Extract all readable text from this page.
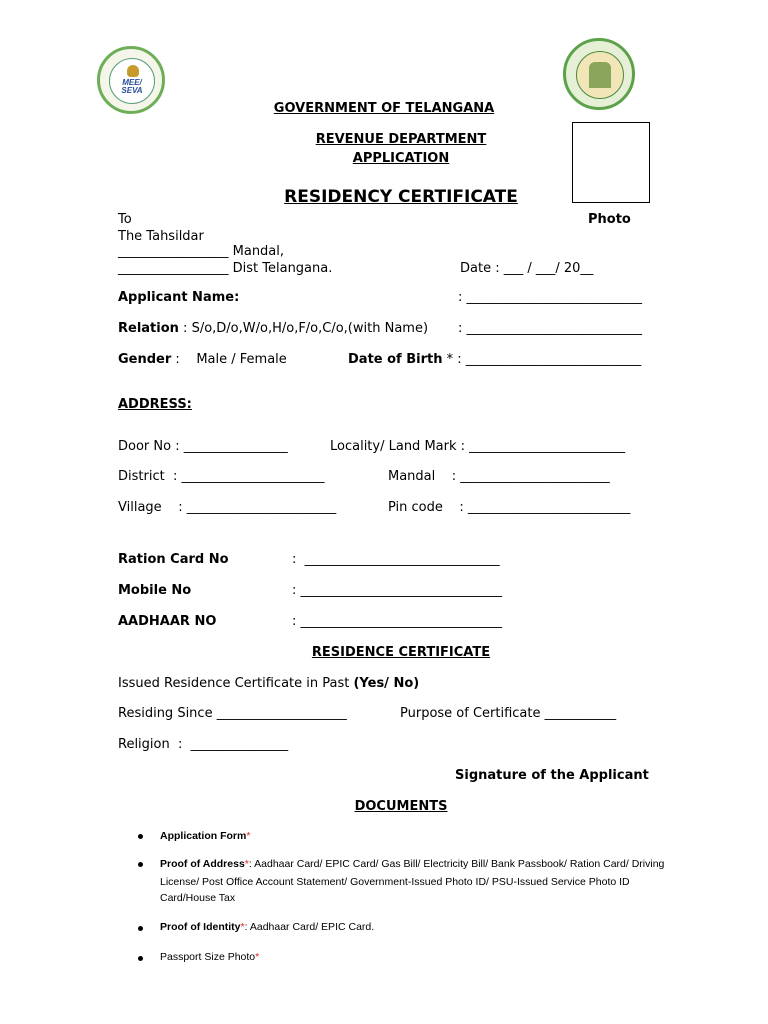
MEE/
SEVA
GOVERNMENT OF TELANGANA
REVENUE DEPARTMENT
APPLICATION
RESIDENCY CERTIFICATE
Photo
To
The Tahsildar
_________________ Mandal,
_________________ Dist Telangana.	Date : ___ / ___/ 20__
Applicant Name:	: ___________________________
Relation : S/o,D/o,W/o,H/o,F/o,C/o,(with Name) : ___________________________
Gender :    Male / Female	Date of Birth * : ___________________________
ADDRESS:
Door No : ________________	Locality/ Land Mark : ________________________
District  : ______________________	Mandal    : _______________________
Village    : _______________________	Pin code    : _________________________
Ration Card No	:  ______________________________
Mobile No	: _______________________________
AADHAAR NO	: _______________________________
RESIDENCE CERTIFICATE
Issued Residence Certificate in Past (Yes/ No)
Residing Since ____________________	Purpose of Certificate ___________
Religion  :  _______________
Signature of the Applicant
DOCUMENTS
Application Form*
Proof of Address*: Aadhaar Card/ EPIC Card/ Gas Bill/ Electricity Bill/ Bank Passbook/ Ration Card/ Driving
License/ Post Office Account Statement/ Government-Issued Photo ID/ PSU-Issued Service Photo ID
Card/House Tax
Proof of Identity*: Aadhaar Card/ EPIC Card.
Passport Size Photo*
